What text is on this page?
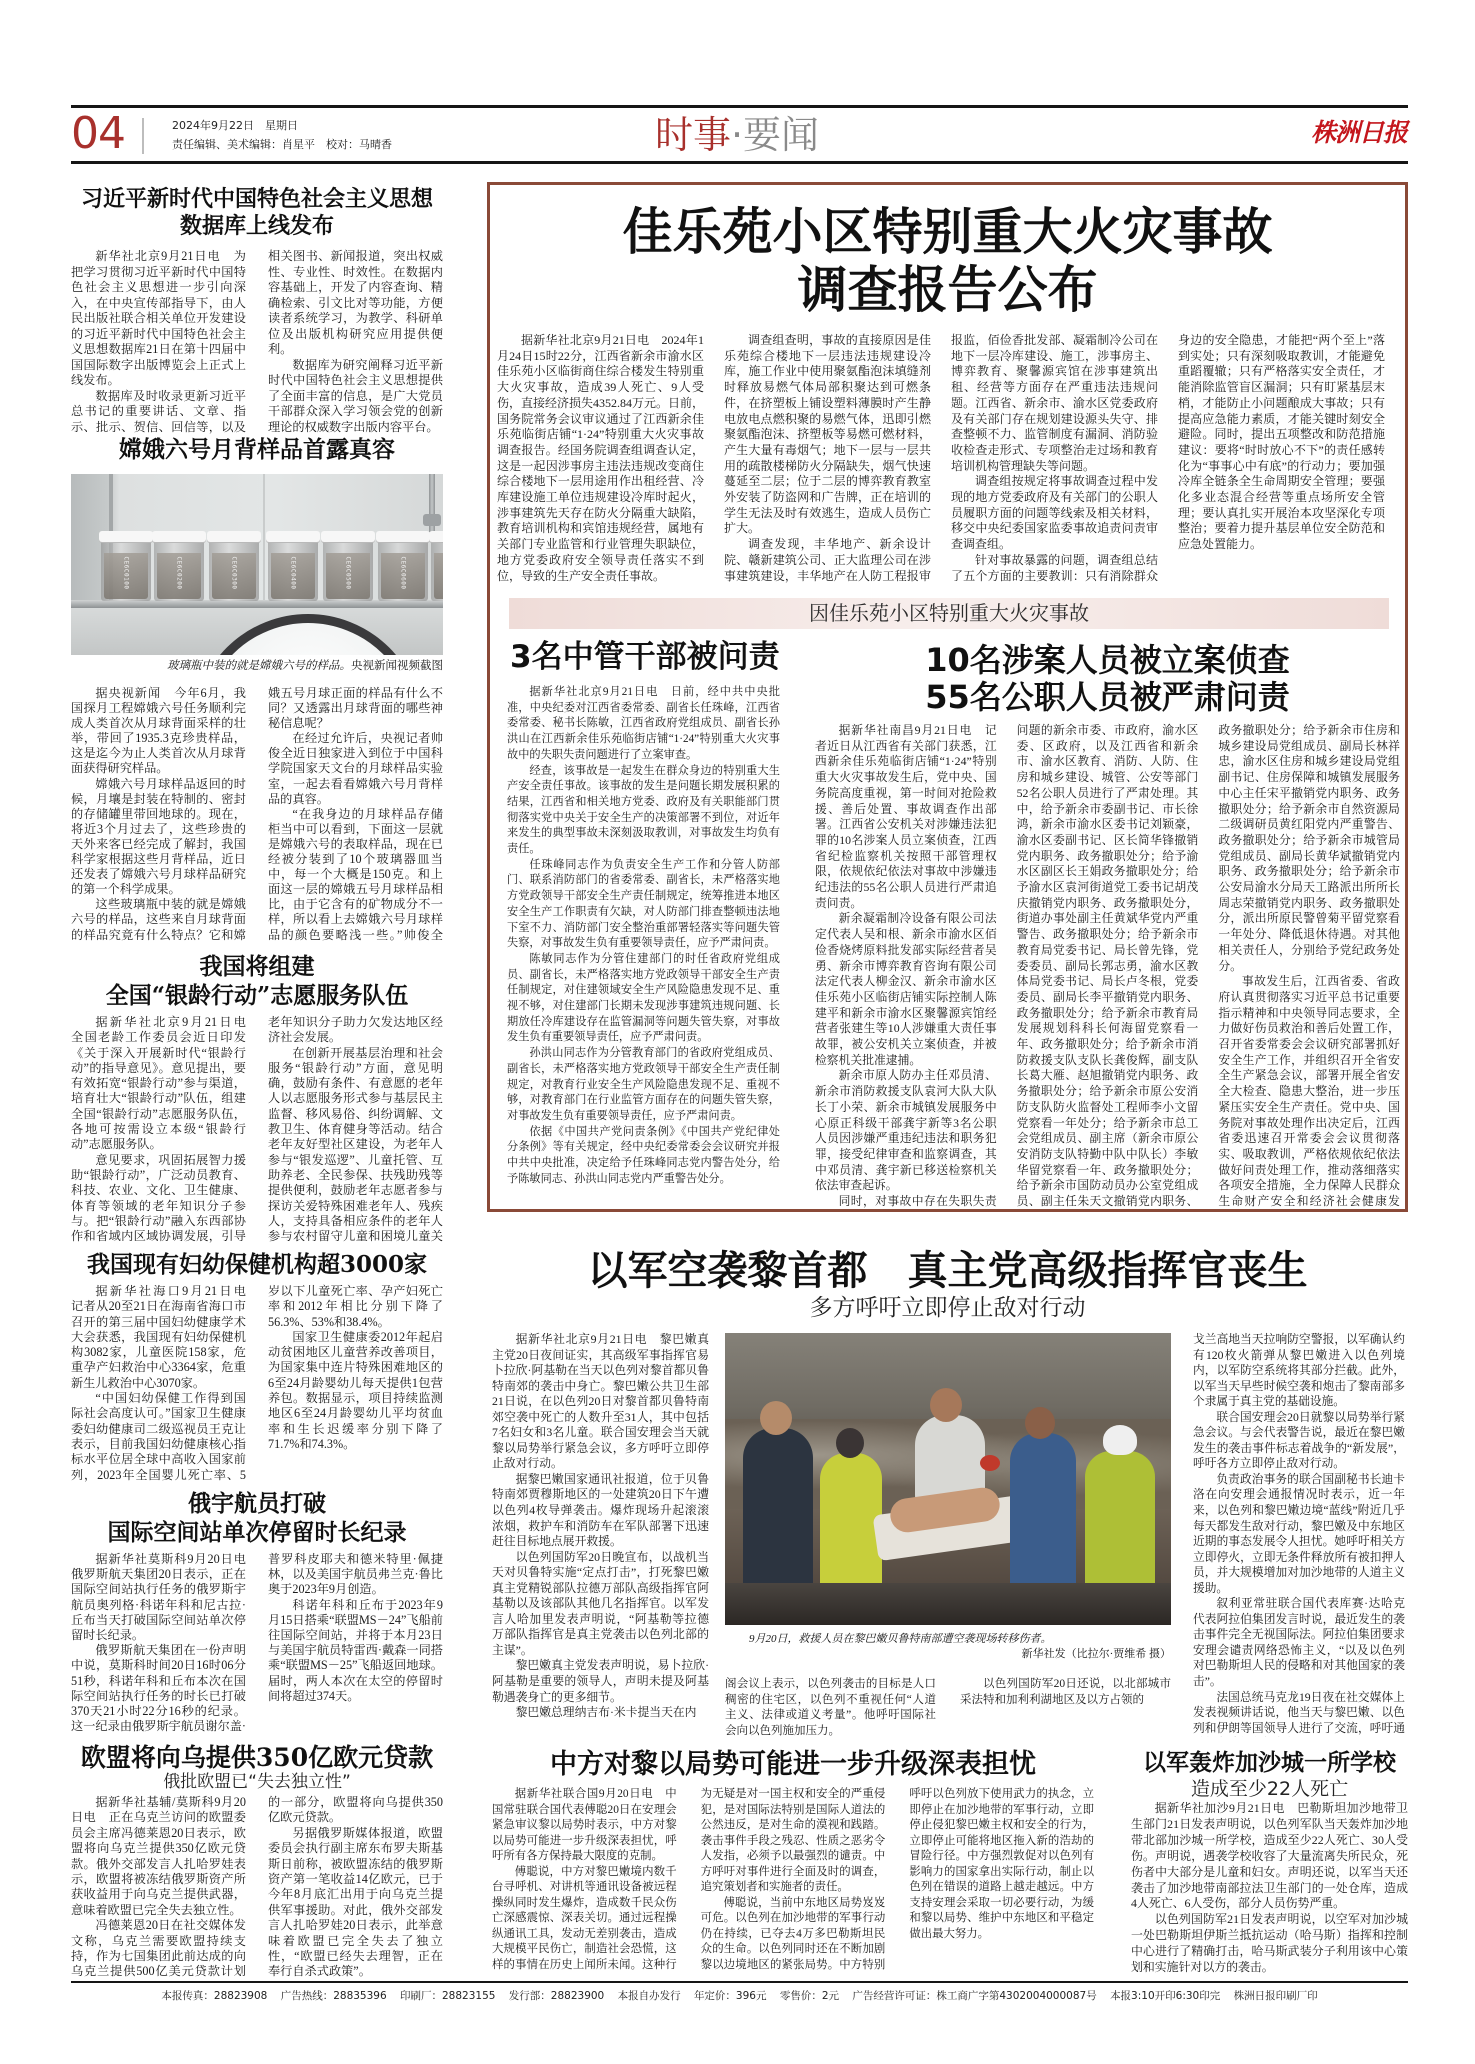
04	2024年9月22日　星期日
责任编辑、美术编辑：肖星平　校对：马晴香	时事·要闻	株洲日报
习近平新时代中国特色社会主义思想
数据库上线发布

新华社北京9月21日电　为把学习贯彻习近平新时代中国特色社会主义思想进一步引向深入，在中央宣传部指导下，由人民出版社联合相关单位开发建设的习近平新时代中国特色社会主义思想数据库21日在第十四届中国国际数字出版博览会上正式上线发布。

数据库及时收录更新习近平总书记的重要讲话、文章、指示、批示、贺信、回信等，以及相关图书、新闻报道，突出权威性、专业性、时效性。在数据内容基础上，开发了内容查询、精确检索、引文比对等功能，方便读者系统学习，为教学、科研单位及出版机构研究应用提供便利。

数据库为研究阐释习近平新时代中国特色社会主义思想提供了全面丰富的信息，是广大党员干部群众深入学习领会党的创新理论的权威数字出版内容平台。

嫦娥六号月背样品首露真容
CE6C0100	CE6C0200	CE6C0300	CE6C0400	CE6C0500	CE6C0600
玻璃瓶中装的就是嫦娥六号的样品。央视新闻视频截图

据央视新闻　今年6月，我国探月工程嫦娥六号任务顺利完成人类首次从月球背面采样的壮举，带回了1935.3克珍贵样品，这是迄今为止人类首次从月球背面获得研究样品。

嫦娥六号月球样品返回的时候，月壤是封装在特制的、密封的存储罐里带回地球的。现在，将近3个月过去了，这些珍贵的天外来客已经完成了解封，我国科学家根据这些月背样品，近日还发表了嫦娥六号月球样品研究的第一个科学成果。

这些玻璃瓶中装的就是嫦娥六号的样品，这些来自月球背面的样品究竟有什么特点？它和嫦娥五号月球正面的样品有什么不同？又透露出月球背面的哪些神秘信息呢？

在经过允许后，央视记者帅俊全近日独家进入到位于中国科学院国家天文台的月球样品实验室，一起去看看嫦娥六号月背样品的真容。

“在我身边的月球样品存储柜当中可以看到，下面这一层就是嫦娥六号的表取样品，现在已经被分装到了10个玻璃器皿当中，每一个大概是150克。和上面这一层的嫦娥五号月球样品相比，由于它含有的矿物成分不一样，所以看上去嫦娥六号月球样品的颜色要略浅一些。”帅俊全

我国将组建
全国“银龄行动”志愿服务队伍

据新华社北京9月21日电　全国老龄工作委员会近日印发《关于深入开展新时代“银龄行动”的指导意见》。意见提出，要有效拓宽“银龄行动”参与渠道，培育壮大“银龄行动”队伍，组建全国“银龄行动”志愿服务队伍，各地可按需设立本级“银龄行动”志愿服务队。

意见要求，巩固拓展智力援助“银龄行动”，广泛动员教育、科技、农业、文化、卫生健康、体育等领域的老年知识分子参与。把“银龄行动”融入东西部协作和省域内区域协调发展，引导老年知识分子助力欠发达地区经济社会发展。

在创新开展基层治理和社会服务“银龄行动”方面，意见明确，鼓励有条件、有意愿的老年人以志愿服务形式参与基层民主监督、移风易俗、纠纷调解、文教卫生、体育健身等活动。结合老年友好型社区建设，为老年人参与“银发巡逻”、儿童托管、互助养老、全民参保、扶残助残等提供便利，鼓励老年志愿者参与探访关爱特殊困难老年人、残疾人，支持具备相应条件的老年人参与农村留守儿童和困境儿童关

我国现有妇幼保健机构超3000家

据新华社海口9月21日电　记者从20至21日在海南省海口市召开的第三届中国妇幼健康学术大会获悉，我国现有妇幼保健机构3082家，儿童医院158家，危重孕产妇救治中心3364家，危重新生儿救治中心3070家。

“中国妇幼保健工作得到国际社会高度认可。”国家卫生健康委妇幼健康司二级巡视员王克让表示，目前我国妇幼健康核心指标水平位居全球中高收入国家前列，2023年全国婴儿死亡率、5岁以下儿童死亡率、孕产妇死亡率和2012年相比分别下降了56.3%、53%和38.4%。

国家卫生健康委2012年起启动贫困地区儿童营养改善项目，为国家集中连片特殊困难地区的6至24月龄婴幼儿每天提供1包营养包。数据显示，项目持续监测地区6至24月龄婴幼儿平均贫血率和生长迟缓率分别下降了71.7%和74.3%。

俄宇航员打破
国际空间站单次停留时长纪录

据新华社莫斯科9月20日电　俄罗斯航天集团20日表示，正在国际空间站执行任务的俄罗斯宇航员奥列格·科诺年科和尼古拉·丘布当天打破国际空间站单次停留时长纪录。

俄罗斯航天集团在一份声明中说，莫斯科时间20日16时06分51秒，科诺年科和丘布本次在国际空间站执行任务的时长已打破370天21小时22分16秒的纪录。这一纪录由俄罗斯宇航员谢尔盖·普罗科皮耶夫和德米特里·佩捷林，以及美国宇航员弗兰克·鲁比奥于2023年9月创造。

科诺年科和丘布于2023年9月15日搭乘“联盟MS－24”飞船前往国际空间站，并将于本月23日与美国宇航员特雷西·戴森一同搭乘“联盟MS－25”飞船返回地球。届时，两人本次在太空的停留时间将超过374天。

欧盟将向乌提供350亿欧元贷款
俄批欧盟已“失去独立性”

据新华社基辅/莫斯科9月20日电　正在乌克兰访问的欧盟委员会主席冯德莱恩20日表示，欧盟将向乌克兰提供350亿欧元贷款。俄外交部发言人扎哈罗娃表示，欧盟将被冻结俄罗斯资产所获收益用于向乌克兰提供武器，意味着欧盟已完全失去独立性。

冯德莱恩20日在社交媒体发文称，乌克兰需要欧盟持续支持，作为七国集团此前达成的向乌克兰提供500亿美元贷款计划的一部分，欧盟将向乌提供350亿欧元贷款。

另据俄罗斯媒体报道，欧盟委员会执行副主席东布罗夫斯基斯日前称，被欧盟冻结的俄罗斯资产第一笔收益14亿欧元，已于今年8月底汇出用于向乌克兰提供军事援助。对此，俄外交部发言人扎哈罗娃20日表示，此举意味着欧盟已完全失去了独立性，“欧盟已经失去理智，正在奉行自杀式政策”。

佳乐苑小区特别重大火灾事故
调查报告公布

据新华社北京9月21日电　2024年1月24日15时22分，江西省新余市渝水区佳乐苑小区临街商住综合楼发生特别重大火灾事故，造成39人死亡、9人受伤，直接经济损失4352.84万元。日前，国务院常务会议审议通过了江西新余佳乐苑临街店铺“1·24”特别重大火灾事故调查报告。经国务院调查组调查认定，这是一起因涉事房主违法违规改变商住综合楼地下一层用途用作出租经营、冷库建设施工单位违规建设冷库时起火，涉事建筑先天存在防火分隔重大缺陷，教育培训机构和宾馆违规经营，属地有关部门专业监管和行业管理失职缺位，地方党委政府安全领导责任落实不到位，导致的生产安全责任事故。

调查组查明，事故的直接原因是佳乐苑综合楼地下一层违法违规建设冷库，施工作业中使用聚氨酯泡沫填缝剂时释放易燃气体局部积聚达到可燃条件，在挤塑板上铺设塑料薄膜时产生静电放电点燃积聚的易燃气体，迅即引燃聚氨酯泡沫、挤塑板等易燃可燃材料，产生大量有毒烟气；地下一层与一层共用的疏散楼梯防火分隔缺失，烟气快速蔓延至二层；位于二层的博弈教育教室外安装了防盗网和广告牌，正在培训的学生无法及时有效逃生，造成人员伤亡扩大。

调查发现，丰华地产、新余设计院、赣新建筑公司、正大监理公司在涉事建筑建设，丰华地产在人防工程报审报监，佰俭香批发部、凝霜制冷公司在地下一层冷库建设、施工，涉事房主、博弈教育、聚馨源宾馆在涉事建筑出租、经营等方面存在严重违法违规问题。江西省、新余市、渝水区党委政府及有关部门存在规划建设源头失守、排查整顿不力、监管制度有漏洞、消防验收检查走形式、专项整治走过场和教育培训机构管理缺失等问题。

调查组按规定将事故调查过程中发现的地方党委政府及有关部门的公职人员履职方面的问题等线索及相关材料，移交中央纪委国家监委事故追责问责审查调查组。

针对事故暴露的问题，调查组总结了五个方面的主要教训：只有消除群众身边的安全隐患，才能把“两个至上”落到实处；只有深刻吸取教训，才能避免重蹈覆辙；只有严格落实安全责任，才能消除监管盲区漏洞；只有盯紧基层末梢，才能防止小问题酿成大事故；只有提高应急能力素质，才能关键时刻安全避险。同时，提出五项整改和防范措施建议：要将“时时放心不下”的责任感转化为“事事心中有底”的行动力；要加强冷库全链条全生命周期安全管理；要强化多业态混合经营等重点场所安全管理；要认真扎实开展治本攻坚深化专项整治；要着力提升基层单位安全防范和应急处置能力。

因佳乐苑小区特别重大火灾事故
3名中管干部被问责

据新华社北京9月21日电　日前，经中共中央批准，中央纪委对江西省委常委、副省长任珠峰，江西省委常委、秘书长陈敏，江西省政府党组成员、副省长孙洪山在江西新余佳乐苑临街店铺“1·24”特别重大火灾事故中的失职失责问题进行了立案审查。

经查，该事故是一起发生在群众身边的特别重大生产安全责任事故。该事故的发生是问题长期发展积累的结果，江西省和相关地方党委、政府及有关职能部门贯彻落实党中央关于安全生产的决策部署不到位，对近年来发生的典型事故未深刻汲取教训，对事故发生均负有责任。

任珠峰同志作为负责安全生产工作和分管人防部门、联系消防部门的省委常委、副省长，未严格落实地方党政领导干部安全生产责任制规定，统筹推进本地区安全生产工作职责有欠缺，对人防部门排查整顿违法地下室不力、消防部门安全整治重部署轻落实等问题失管失察，对事故发生负有重要领导责任，应予严肃问责。

陈敏同志作为分管住建部门的时任省政府党组成员、副省长，未严格落实地方党政领导干部安全生产责任制规定，对住建领域安全生产风险隐患发现不足、重视不够，对住建部门长期未发现涉事建筑违规问题、长期放任冷库建设存在监管漏洞等问题失管失察，对事故发生负有重要领导责任，应予严肃问责。

孙洪山同志作为分管教育部门的省政府党组成员、副省长，未严格落实地方党政领导干部安全生产责任制规定，对教育行业安全生产风险隐患发现不足、重视不够，对教育部门在行业监管方面存在的问题失管失察，对事故发生负有重要领导责任，应予严肃问责。

依据《中国共产党问责条例》《中国共产党纪律处分条例》等有关规定，经中央纪委常委会会议研究并报中共中央批准，决定给予任珠峰同志党内警告处分，给予陈敏同志、孙洪山同志党内严重警告处分。

10名涉案人员被立案侦查
55名公职人员被严肃问责

据新华社南昌9月21日电　记者近日从江西省有关部门获悉，江西新余佳乐苑临街店铺“1·24”特别重大火灾事故发生后，党中央、国务院高度重视，第一时间对抢险救援、善后处置、事故调查作出部署。江西省公安机关对涉嫌违法犯罪的10名涉案人员立案侦查，江西省纪检监察机关按照干部管理权限，依规依纪依法对事故中涉嫌违纪违法的55名公职人员进行严肃追责问责。

新余凝霜制冷设备有限公司法定代表人吴和根、新余市渝水区佰俭香烧烤原料批发部实际经营者吴勇、新余市博弈教育咨询有限公司法定代表人柳金汉、新余市渝水区佳乐苑小区临街店铺实际控制人陈建平和新余市渝水区聚馨源宾馆经营者张建生等10人涉嫌重大责任事故罪，被公安机关立案侦查，并被检察机关批准逮捕。

新余市原人防办主任邓员清、新余市消防救援支队袁河大队大队长丁小荣、新余市城镇发展服务中心原正科级干部龚宇新等3名公职人员因涉嫌严重违纪违法和职务犯罪，接受纪律审查和监察调查，其中邓员清、龚宇新已移送检察机关依法审查起诉。

同时，对事故中存在失职失责问题的新余市委、市政府，渝水区委、区政府，以及江西省和新余市、渝水区教育、消防、人防、住房和城乡建设、城管、公安等部门52名公职人员进行了严肃处理。其中，给予新余市委副书记、市长徐鸿，新余市渝水区委书记刘颖豪，渝水区委副书记、区长简华锋撤销党内职务、政务撤职处分；给予渝水区副区长王娟政务撤职处分；给予渝水区袁河街道党工委书记胡茂庆撤销党内职务、政务撤职处分，街道办事处副主任黄斌华党内严重警告、政务撤职处分；给予新余市教育局党委书记、局长曾先锋，党委委员、副局长郭志勇，渝水区教体局党委书记、局长卢冬根，党委委员、副局长李平撤销党内职务、政务撤职处分；给予新余市教育局发展规划科科长何海留党察看一年、政务撤职处分；给予新余市消防救援支队支队长龚俊辉，副支队长葛大雁、赵旭撤销党内职务、政务撤职处分；给予新余市原公安消防支队防火监督处工程师李小文留党察看一年处分；给予新余市总工会党组成员、副主席（新余市原公安消防支队特勤中队中队长）李敏华留党察看一年、政务撤职处分；给予新余市国防动员办公室党组成员、副主任朱天文撤销党内职务、政务撤职处分；给予新余市住房和城乡建设局党组成员、副局长林祥忠，渝水区住房和城乡建设局党组副书记、住房保障和城镇发展服务中心主任宋平撤销党内职务、政务撤职处分；给予新余市自然资源局二级调研员黄红阳党内严重警告、政务撤职处分；给予新余市城管局党组成员、副局长黄华斌撤销党内职务、政务撤职处分；给予新余市公安局渝水分局天工路派出所所长周志荣撤销党内职务、政务撤职处分，派出所原民警曾菊平留党察看一年处分、降低退休待遇。对其他相关责任人，分别给予党纪政务处分。

事故发生后，江西省委、省政府认真贯彻落实习近平总书记重要指示精神和中央领导同志要求，全力做好伤员救治和善后处置工作，召开省委常委会会议研究部署抓好安全生产工作，并组织召开全省安全生产紧急会议，部署开展全省安全大检查、隐患大整治，进一步压紧压实安全生产责任。党中央、国务院对事故处理作出决定后，江西省委迅速召开常委会会议贯彻落实、吸取教训，严格依规依纪依法做好问责处理工作，推动落细落实各项安全措施，全力保障人民群众生命财产安全和经济社会健康发

以军空袭黎首都　真主党高级指挥官丧生
多方呼吁立即停止敌对行动

据新华社北京9月21日电　黎巴嫩真主党20日夜间证实，其高级军事指挥官易卜拉欣·阿基勒在当天以色列对黎首都贝鲁特南郊的袭击中身亡。黎巴嫩公共卫生部21日说，在以色列20日对黎首都贝鲁特南郊空袭中死亡的人数升至31人，其中包括7名妇女和3名儿童。联合国安理会当天就黎以局势举行紧急会议，多方呼吁立即停止敌对行动。

据黎巴嫩国家通讯社报道，位于贝鲁特南郊贾穆斯地区的一处建筑20日下午遭以色列4枚导弹袭击。爆炸现场升起滚滚浓烟，救护车和消防车在军队部署下迅速赶往目标地点展开救援。

以色列国防军20日晚宣布，以战机当天对贝鲁特实施“定点打击”，打死黎巴嫩真主党精锐部队拉德万部队高级指挥官阿基勒以及该部队其他几名指挥官。以军发言人哈加里发表声明说，“阿基勒等拉德万部队指挥官是真主党袭击以色列北部的主谋”。

黎巴嫩真主党发表声明说，易卜拉欣·阿基勒是重要的领导人，声明未提及阿基勒遇袭身亡的更多细节。

黎巴嫩总理纳吉布·米卡提当天在内

9月20日，救援人员在黎巴嫩贝鲁特南部遭空袭现场转移伤者。
新华社发（比拉尔·贾维希 摄）

阁会议上表示，以色列袭击的目标是人口稠密的住宅区，以色列不重视任何“人道主义、法律或道义考量”。他呼吁国际社会向以色列施加压力。

以色列国防军20日还说，以北部城市采法特和加利利湖地区及以方占领的

戈兰高地当天拉响防空警报，以军确认约有120枚火箭弹从黎巴嫩进入以色列境内，以军防空系统将其部分拦截。此外，以军当天早些时候空袭和炮击了黎南部多个隶属于真主党的基础设施。

联合国安理会20日就黎以局势举行紧急会议。与会代表警告说，最近在黎巴嫩发生的袭击事件标志着战争的“新发展”，呼吁各方立即停止敌对行动。

负责政治事务的联合国副秘书长迪卡洛在向安理会通报情况时表示，近一年来，以色列和黎巴嫩边境“蓝线”附近几乎每天都发生敌对行动，黎巴嫩及中东地区近期的事态发展令人担忧。她呼吁相关方立即停火，立即无条件释放所有被扣押人员，并大规模增加对加沙地带的人道主义援助。

叙利亚常驻联合国代表库赛·达哈克代表阿拉伯集团发言时说，最近发生的袭击事件完全无视国际法。阿拉伯集团要求安理会谴责网络恐怖主义，“以及以色列对巴勒斯坦人民的侵略和对其他国家的袭击”。

法国总统马克龙19日夜在社交媒体上发表视频讲话说，他当天与黎巴嫩、以色列和伊朗等国领导人进行了交流，呼吁通

中方对黎以局势可能进一步升级深表担忧

据新华社联合国9月20日电　中国常驻联合国代表傅聪20日在安理会紧急审议黎以局势时表示，中方对黎以局势可能进一步升级深表担忧，呼吁所有各方保持最大限度的克制。

傅聪说，中方对黎巴嫩境内数千台寻呼机、对讲机等通讯设备被远程操纵同时发生爆炸，造成数千民众伤亡深感震惊、深表关切。通过远程操纵通讯工具，发动无差别袭击，造成大规模平民伤亡，制造社会恐慌，这样的事情在历史上闻所未闻。这种行为无疑是对一国主权和安全的严重侵犯，是对国际法特别是国际人道法的公然违反，是对生命的漠视和践踏。袭击事件手段之残忍、性质之恶劣令人发指，必须予以最强烈的谴责。中方呼吁对事件进行全面及时的调查，追究策划者和实施者的责任。

傅聪说，当前中东地区局势岌岌可危。以色列在加沙地带的军事行动仍在持续，已夺去4万多巴勒斯坦民众的生命。以色列同时还在不断加剧黎以边境地区的紧张局势。中方特别呼吁以色列放下使用武力的执念，立即停止在加沙地带的军事行动，立即停止侵犯黎巴嫩主权和安全的行为，立即停止可能将地区拖入新的浩劫的冒险行径。中方强烈敦促对以色列有影响力的国家拿出实际行动，制止以色列在错误的道路上越走越远。中方支持安理会采取一切必要行动，为缓和黎以局势、维护中东地区和平稳定做出最大努力。

以军轰炸加沙城一所学校
造成至少22人死亡

据新华社加沙9月21日电　巴勒斯坦加沙地带卫生部门21日发表声明说，以色列军队当天轰炸加沙地带北部加沙城一所学校，造成至少22人死亡、30人受伤。声明说，遇袭学校收容了大量流离失所民众，死伤者中大部分是儿童和妇女。声明还说，以军当天还袭击了加沙地带南部拉法卫生部门的一处仓库，造成4人死亡、6人受伤，部分人员伤势严重。

以色列国防军21日发表声明说，以空军对加沙城一处巴勒斯坦伊斯兰抵抗运动（哈马斯）指挥和控制中心进行了精确打击，哈马斯武装分子利用该中心策划和实施针对以方的袭击。

本报传真：28823908 广告热线：28835396 印刷厂：28823155 发行部：28823900 本报自办发行 年定价：396元 零售价：2元 广告经营许可证：株工商广字第4302004000087号 本报3:10开印6:30印完 株洲日报印刷厂印
